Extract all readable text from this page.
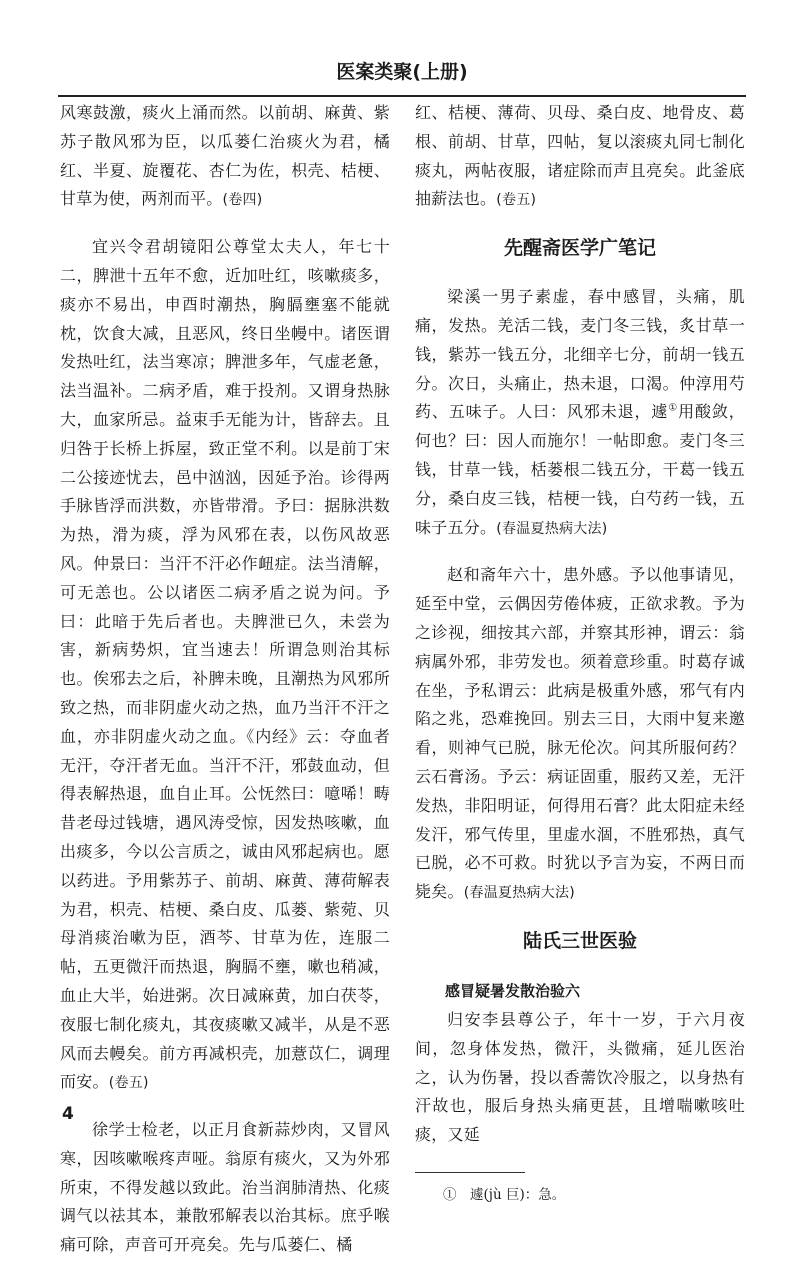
医案类聚(上册)

风寒鼓激，痰火上涌而然。以前胡、麻黄、紫苏子散风邪为臣，以瓜蒌仁治痰火为君，橘红、半夏、旋覆花、杏仁为佐，枳壳、桔梗、甘草为使，两剂而平。(卷四)

宜兴令君胡镜阳公尊堂太夫人，年七十二，脾泄十五年不愈，近加吐红，咳嗽痰多，痰亦不易出，申酉时潮热，胸膈壅塞不能就枕，饮食大减，且恶风，终日坐幔中。诸医谓发热吐红，法当寒凉；脾泄多年，气虚老惫，法当温补。二病矛盾，难于投剂。又谓身热脉大，血家所忌。益束手无能为计，皆辞去。且归咎于长桥上拆屋，致正堂不利。以是前丁宋二公接迹忧去，邑中汹汹，因延予治。诊得两手脉皆浮而洪数，亦皆带滑。予曰：据脉洪数为热，滑为痰，浮为风邪在表，以伤风故恶风。仲景曰：当汗不汗必作衄症。法当清解，可无恙也。公以诸医二病矛盾之说为问。予曰：此暗于先后者也。夫脾泄已久，未尝为害，新病势炽，宜当速去！所谓急则治其标也。俟邪去之后，补脾未晚，且潮热为风邪所致之热，而非阴虚火动之热，血乃当汗不汗之血，亦非阴虚火动之血。《内经》云：夺血者无汗，夺汗者无血。当汗不汗，邪鼓血动，但得表解热退，血自止耳。公怃然曰：噫唏！畴昔老母过钱塘，遇风涛受惊，因发热咳嗽，血出痰多，今以公言质之，诚由风邪起病也。愿以药进。予用紫苏子、前胡、麻黄、薄荷解表为君，枳壳、桔梗、桑白皮、瓜蒌、紫菀、贝母消痰治嗽为臣，酒芩、甘草为佐，连服二帖，五更微汗而热退，胸膈不壅，嗽也稍减，血止大半，始进粥。次日减麻黄，加白茯苓，夜服七制化痰丸，其夜痰嗽又减半，从是不恶风而去幔矣。前方再减枳壳，加薏苡仁，调理而安。(卷五)

徐学士检老，以正月食新蒜炒肉，又冒风寒，因咳嗽喉疼声哑。翁原有痰火，又为外邪所束，不得发越以致此。治当润肺清热、化痰调气以祛其本，兼散邪解表以治其标。庶乎喉痛可除，声音可开亮矣。先与瓜蒌仁、橘

红、桔梗、薄荷、贝母、桑白皮、地骨皮、葛根、前胡、甘草，四帖，复以滚痰丸同七制化痰丸，两帖夜服，诸症除而声且亮矣。此釜底抽薪法也。(卷五)

先醒斋医学广笔记

梁溪一男子素虚，春中感冒，头痛，肌痛，发热。羌活二钱，麦门冬三钱，炙甘草一钱，紫苏一钱五分，北细辛七分，前胡一钱五分。次日，头痛止，热未退，口渴。仲淳用芍药、五味子。人曰：风邪未退，遽①用酸敛，何也？曰：因人而施尔！一帖即愈。麦门冬三钱，甘草一钱，栝蒌根二钱五分，干葛一钱五分，桑白皮三钱，桔梗一钱，白芍药一钱，五味子五分。(春温夏热病大法)

赵和斋年六十，患外感。予以他事请见，延至中堂，云偶因劳倦体疲，正欲求教。予为之诊视，细按其六部，并察其形神，谓云：翁病属外邪，非劳发也。须着意珍重。时葛存诚在坐，予私谓云：此病是极重外感，邪气有内陷之兆，恐难挽回。别去三日，大雨中复来邀看，则神气已脱，脉无伦次。问其所服何药？云石膏汤。予云：病证固重，服药又差，无汗发热，非阳明证，何得用石膏？此太阳症未经发汗，邪气传里，里虚水涸，不胜邪热，真气已脱，必不可救。时犹以予言为妄，不两日而毙矣。(春温夏热病大法)

陆氏三世医验
感冒疑暑发散治验六

归安李县尊公子，年十一岁，于六月夜间，忽身体发热，微汗，头微痛，延儿医治之，认为伤暑，投以香薷饮冷服之，以身热有汗故也，服后身热头痛更甚，且增喘嗽咳吐痰，又延

①   遽(jù 巨)：急。
4
